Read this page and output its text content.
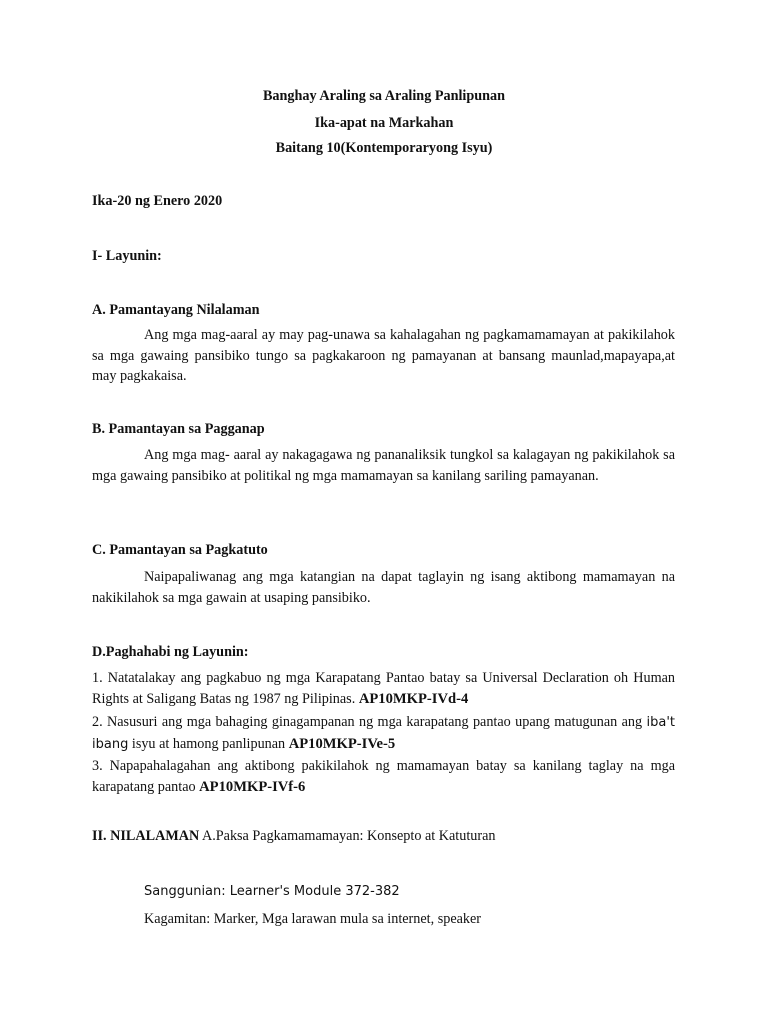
Banghay Araling sa Araling Panlipunan
Ika-apat na Markahan
Baitang 10(Kontemporaryong Isyu)
Ika-20 ng Enero 2020
I- Layunin:
A. Pamantayang Nilalaman
Ang mga mag-aaral ay may pag-unawa sa kahalagahan ng pagkamamamayan at pakikilahok sa mga gawaing pansibiko tungo sa pagkakaroon ng pamayanan at bansang maunlad,mapayapa,at may pagkakaisa.
B. Pamantayan sa Pagganap
Ang mga mag- aaral ay nakagagawa ng pananaliksik tungkol sa kalagayan ng pakikilahok sa mga gawaing pansibiko at politikal ng mga mamamayan sa kanilang sariling pamayanan.
C. Pamantayan sa Pagkatuto
Naipapaliwanag ang mga katangian na dapat taglayin ng isang aktibong mamamayan na nakikilahok sa mga gawain at usaping pansibiko.
D.Paghahabi ng Layunin:
1. Natatalakay ang pagkabuo ng mga Karapatang Pantao batay sa Universal Declaration oh Human Rights at Saligang Batas ng 1987 ng Pilipinas. AP10MKP-IVd-4
2. Nasusuri ang mga bahaging ginagampanan ng mga karapatang pantao upang matugunan ang iba't ibang isyu at hamong panlipunan AP10MKP-IVe-5
3. Napapahalagahan ang aktibong pakikilahok ng mamamayan batay sa kanilang taglay na mga karapatang pantao AP10MKP-IVf-6
II. NILALAMAN A.Paksa Pagkamamamayan: Konsepto at Katuturan
Sanggunian: Learner's Module 372-382
Kagamitan: Marker, Mga larawan mula sa internet, speaker
